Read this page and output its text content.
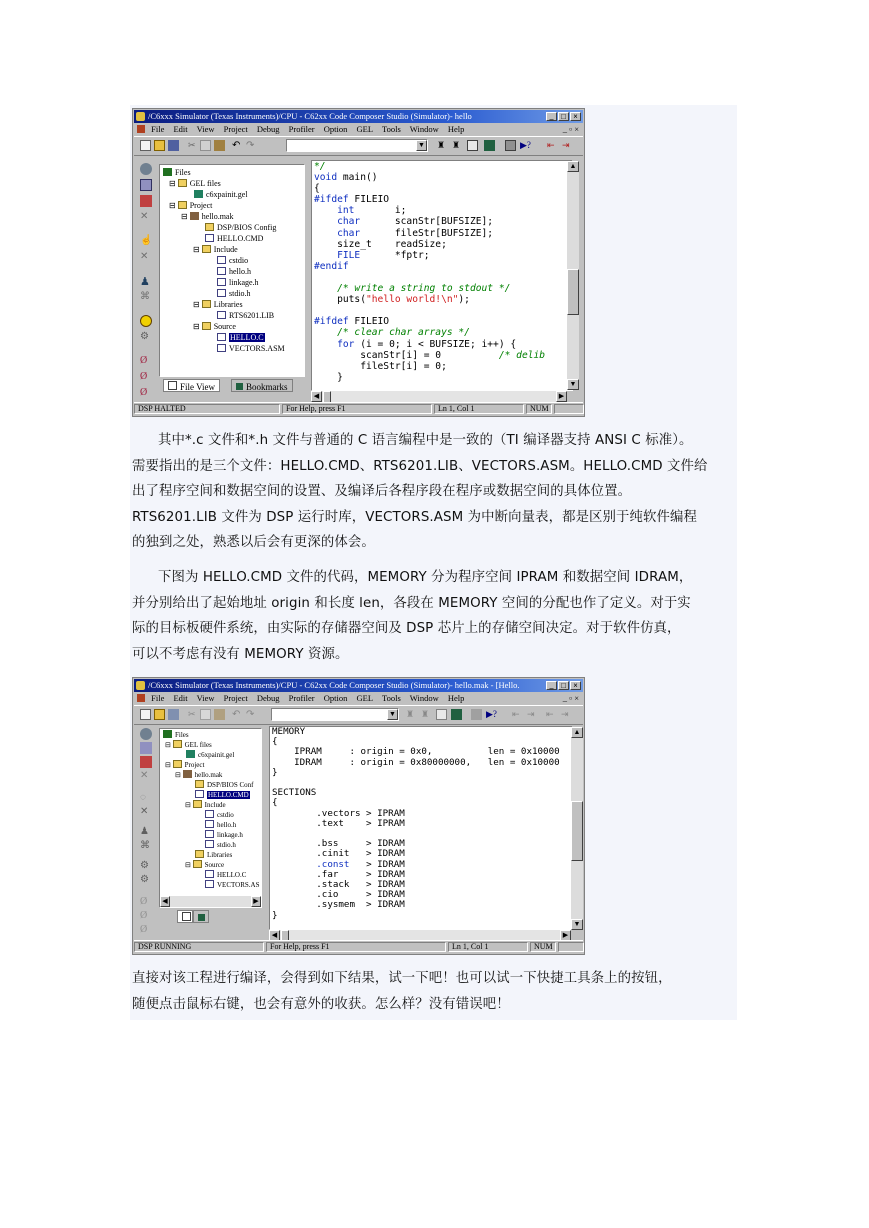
/C6xxx Simulator (Texas Instruments)/CPU - C62xx Code Composer Studio (Simulator)- hello	_ □ ×
File Edit View Project Debug Profiler Option GEL Tools Window Help	_ ▫ ×
✂	↶ ↷	▼ ♜ ♜	▶? ⇤ ⇥
✕
☝
✕
♟
⌘
⚙
Ø
Ø
Ø
Files
⊟ GEL files
c6xpainit.gel
⊟ Project
⊟ hello.mak
DSP/BIOS Config
HELLO.CMD
⊟ Include
cstdio
hello.h
linkage.h
stdio.h
⊟ Libraries
RTS6201.LIB
⊟ Source
HELLO.C
VECTORS.ASM
File View	Bookmarks
*/
void main()
{
#ifdef FILEIO
int	i;
char	scanStr[BUFSIZE];
char	fileStr[BUFSIZE];
size_t    readSize;
FILE	*fptr;
#endif

/* write a string to stdout */
puts("hello world!\n");

#ifdef FILEIO
/* clear char arrays */
for (i = 0; i < BUFSIZE; i++) {
scanStr[i] = 0	/* delib
fileStr[i] = 0;
}
▲
▼
◀	▶
DSP HALTED	For Help, press F1	Ln 1, Col 1	NUM

其中*.c 文件和*.h 文件与普通的 C 语言编程中是一致的（TI 编译器支持 ANSI C 标准）。

需要指出的是三个文件：HELLO.CMD、RTS6201.LIB、VECTORS.ASM。HELLO.CMD 文件给

出了程序空间和数据空间的设置、及编译后各程序段在程序或数据空间的具体位置。

RTS6201.LIB 文件为 DSP 运行时库，VECTORS.ASM 为中断向量表，都是区别于纯软件编程

的独到之处，熟悉以后会有更深的体会。

下图为 HELLO.CMD 文件的代码，MEMORY 分为程序空间 IPRAM 和数据空间 IDRAM，

并分别给出了起始地址 origin 和长度 len，各段在 MEMORY 空间的分配也作了定义。对于实

际的目标板硬件系统，由实际的存储器空间及 DSP 芯片上的存储空间决定。对于软件仿真，

可以不考虑有没有 MEMORY 资源。

/C6xxx Simulator (Texas Instruments)/CPU - C62xx Code Composer Studio (Simulator)- hello.mak - [Hello.	_ □ ×
File Edit View Project Debug Profiler Option GEL Tools Window Help	_ ▫ ×
✂	↶ ↷	▼ ♜ ♜	▶? ⇤ ⇥	⇤ ⇥
✕
◌
✕
♟
⌘
⚙
⚙
Ø
Ø
Ø
Files
⊟ GEL files
c6xpainit.gel
⊟ Project
⊟ hello.mak
DSP/BIOS Conf
HELLO.CMD
⊟ Include
cstdio
hello.h
linkage.h
stdio.h
Libraries
⊟ Source
HELLO.C
VECTORS.AS
◀	▶
MEMORY
{
IPRAM     : origin = 0x0,          len = 0x10000
IDRAM     : origin = 0x80000000,   len = 0x10000
}

SECTIONS
{
.vectors > IPRAM
.text    > IPRAM

.bss     > IDRAM
.cinit   > IDRAM
.const   > IDRAM
.far     > IDRAM
.stack   > IDRAM
.cio     > IDRAM
.sysmem  > IDRAM
}
▲
▼
◀	▶
DSP RUNNING	For Help, press F1	Ln 1, Col 1	NUM

直接对该工程进行编译，会得到如下结果，试一下吧！也可以试一下快捷工具条上的按钮，

随便点击鼠标右键，也会有意外的收获。怎么样？没有错误吧！
